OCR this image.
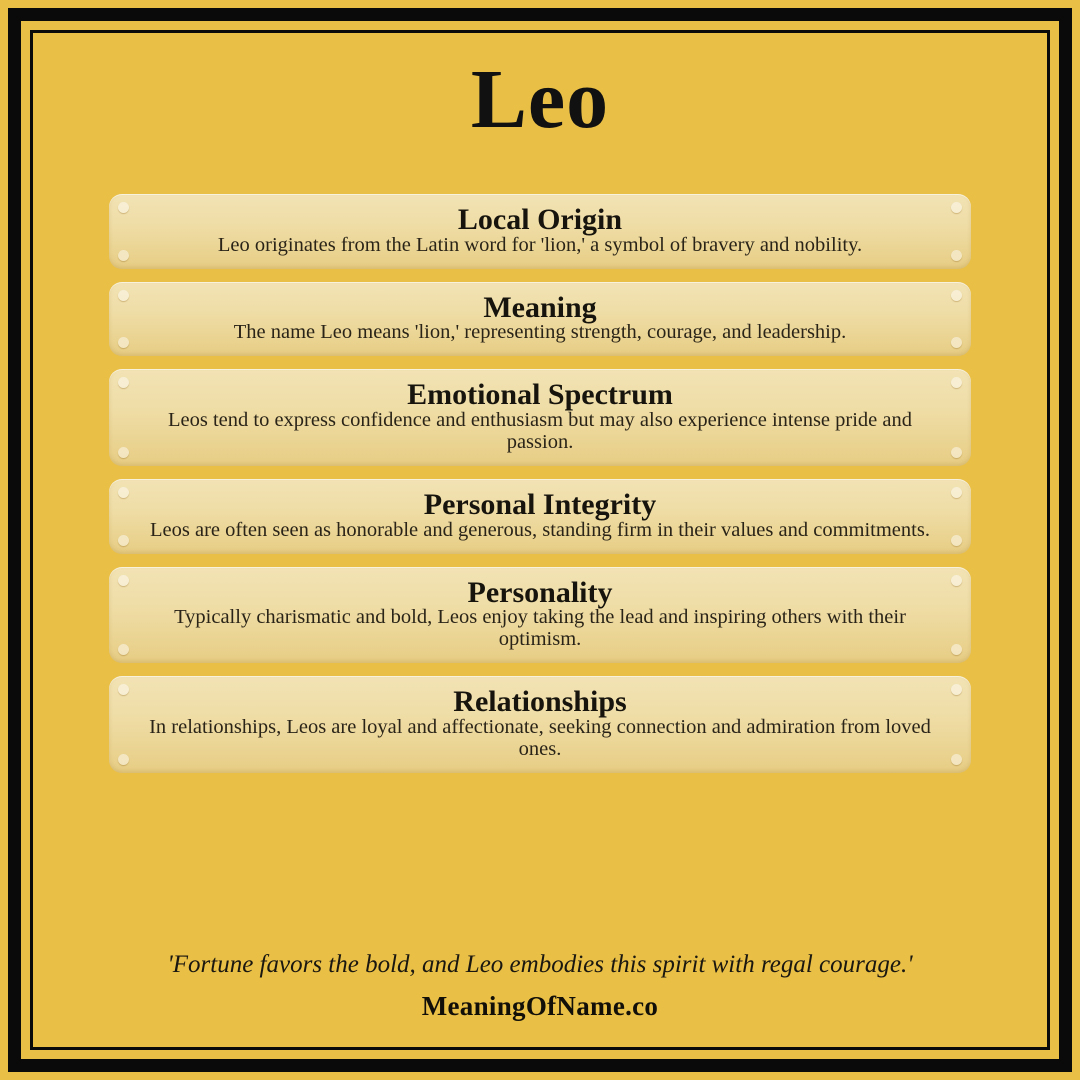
Leo
Local Origin
Leo originates from the Latin word for 'lion,' a symbol of bravery and nobility.
Meaning
The name Leo means 'lion,' representing strength, courage, and leadership.
Emotional Spectrum
Leos tend to express confidence and enthusiasm but may also experience intense pride and passion.
Personal Integrity
Leos are often seen as honorable and generous, standing firm in their values and commitments.
Personality
Typically charismatic and bold, Leos enjoy taking the lead and inspiring others with their optimism.
Relationships
In relationships, Leos are loyal and affectionate, seeking connection and admiration from loved ones.
'Fortune favors the bold, and Leo embodies this spirit with regal courage.'
MeaningOfName.co
